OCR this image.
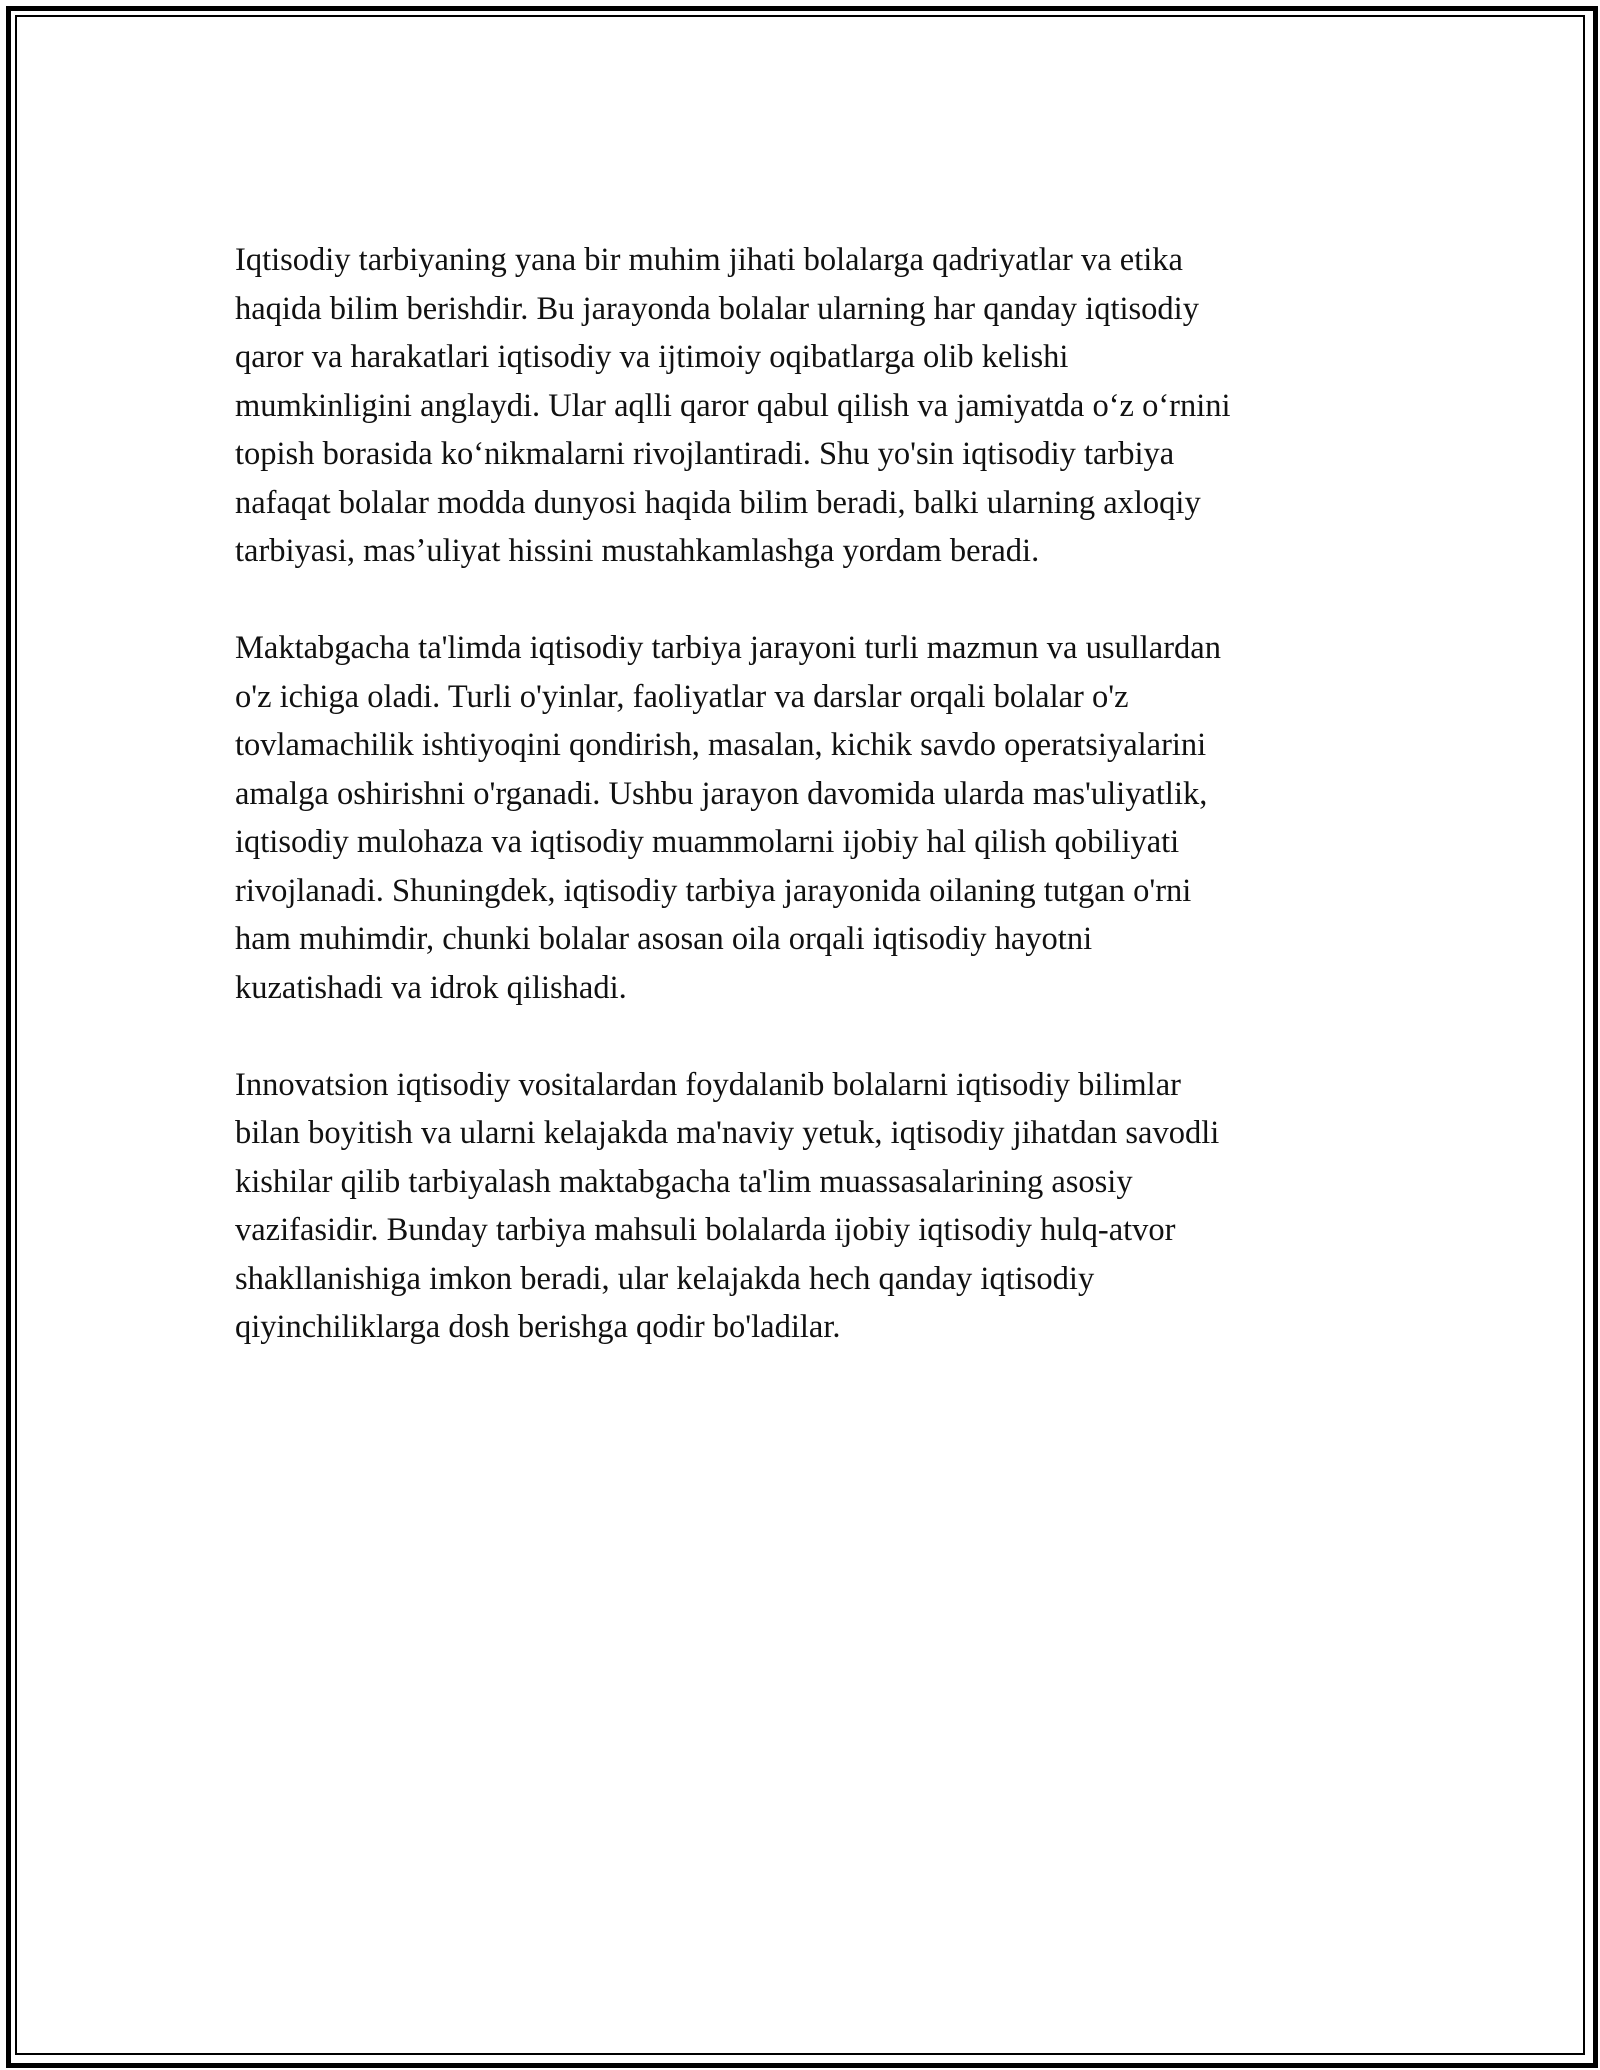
Iqtisodiy tarbiyaning yana bir muhim jihati bolalarga qadriyatlar va etika
haqida bilim berishdir. Bu jarayonda bolalar ularning har qanday iqtisodiy
qaror va harakatlari iqtisodiy va ijtimoiy oqibatlarga olib kelishi
mumkinligini anglaydi. Ular aqlli qaror qabul qilish va jamiyatda oʻz oʻrnini
topish borasida koʻnikmalarni rivojlantiradi. Shu yo'sin iqtisodiy tarbiya
nafaqat bolalar modda dunyosi haqida bilim beradi, balki ularning axloqiy
tarbiyasi, masʼuliyat hissini mustahkamlashga yordam beradi.

Maktabgacha ta'limda iqtisodiy tarbiya jarayoni turli mazmun va usullardan
o'z ichiga oladi. Turli o'yinlar, faoliyatlar va darslar orqali bolalar o'z
tovlamachilik ishtiyoqini qondirish, masalan, kichik savdo operatsiyalarini
amalga oshirishni o'rganadi. Ushbu jarayon davomida ularda mas'uliyatlik,
iqtisodiy mulohaza va iqtisodiy muammolarni ijobiy hal qilish qobiliyati
rivojlanadi. Shuningdek, iqtisodiy tarbiya jarayonida oilaning tutgan o'rni
ham muhimdir, chunki bolalar asosan oila orqali iqtisodiy hayotni
kuzatishadi va idrok qilishadi.

Innovatsion iqtisodiy vositalardan foydalanib bolalarni iqtisodiy bilimlar
bilan boyitish va ularni kelajakda ma'naviy yetuk, iqtisodiy jihatdan savodli
kishilar qilib tarbiyalash maktabgacha ta'lim muassasalarining asosiy
vazifasidir. Bunday tarbiya mahsuli bolalarda ijobiy iqtisodiy hulq-atvor
shakllanishiga imkon beradi, ular kelajakda hech qanday iqtisodiy
qiyinchiliklarga dosh berishga qodir bo'ladilar.
